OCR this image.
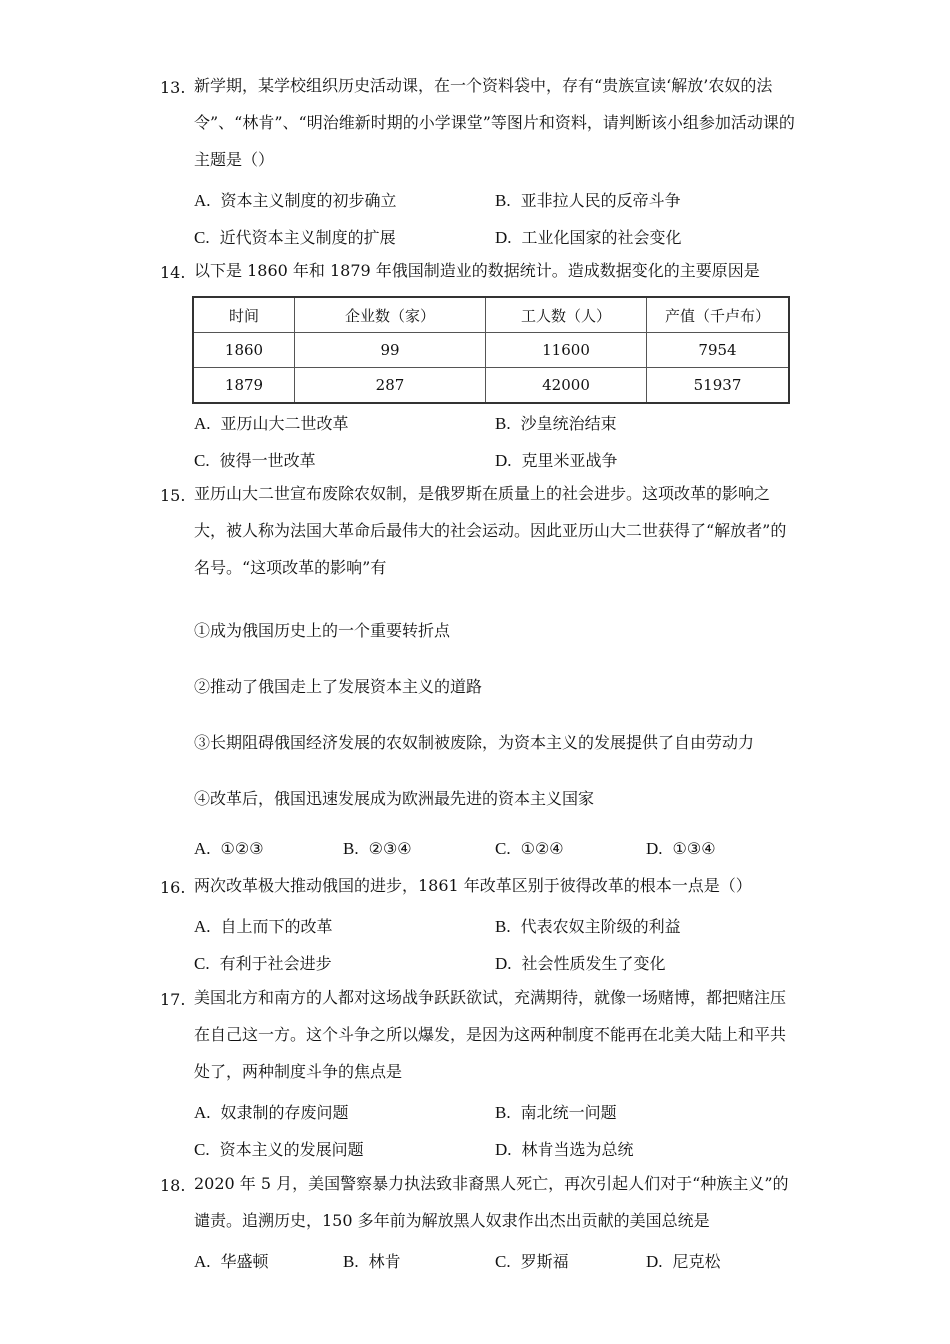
13. 新学期，某学校组织历史活动课，在一个资料袋中，存有“贵族宣读‘解放’农奴的法令”、“林肯”、“明治维新时期的小学课堂”等图片和资料，请判断该小组参加活动课的主题是（）
A. 资本主义制度的初步确立	B. 亚非拉人民的反帝斗争
C. 近代资本主义制度的扩展	D. 工业化国家的社会变化
14. 以下是 1860 年和 1879 年俄国制造业的数据统计。造成数据变化的主要原因是
时间	企业数（家）	工人数（人）	产值（千卢布）
1860	99	11600	7954
1879	287	42000	51937
A. 亚历山大二世改革	B. 沙皇统治结束
C. 彼得一世改革	D. 克里米亚战争
15. 亚历山大二世宣布废除农奴制，是俄罗斯在质量上的社会进步。这项改革的影响之大，被人称为法国大革命后最伟大的社会运动。因此亚历山大二世获得了“解放者”的名号。“这项改革的影响”有
①成为俄国历史上的一个重要转折点
②推动了俄国走上了发展资本主义的道路
③长期阻碍俄国经济发展的农奴制被废除，为资本主义的发展提供了自由劳动力
④改革后，俄国迅速发展成为欧洲最先进的资本主义国家
A. ①②③	B. ②③④	C. ①②④	D. ①③④
16. 两次改革极大推动俄国的进步，1861 年改革区别于彼得改革的根本一点是（）
A. 自上而下的改革	B. 代表农奴主阶级的利益
C. 有利于社会进步	D. 社会性质发生了变化
17. 美国北方和南方的人都对这场战争跃跃欲试，充满期待，就像一场赌博，都把赌注压在自己这一方。这个斗争之所以爆发，是因为这两种制度不能再在北美大陆上和平共处了，两种制度斗争的焦点是
A. 奴隶制的存废问题	B. 南北统一问题
C. 资本主义的发展问题	D. 林肯当选为总统
18. 2020 年 5 月，美国警察暴力执法致非裔黑人死亡，再次引起人们对于“种族主义”的谴责。追溯历史，150 多年前为解放黑人奴隶作出杰出贡献的美国总统是
A. 华盛顿	B. 林肯	C. 罗斯福	D. 尼克松
